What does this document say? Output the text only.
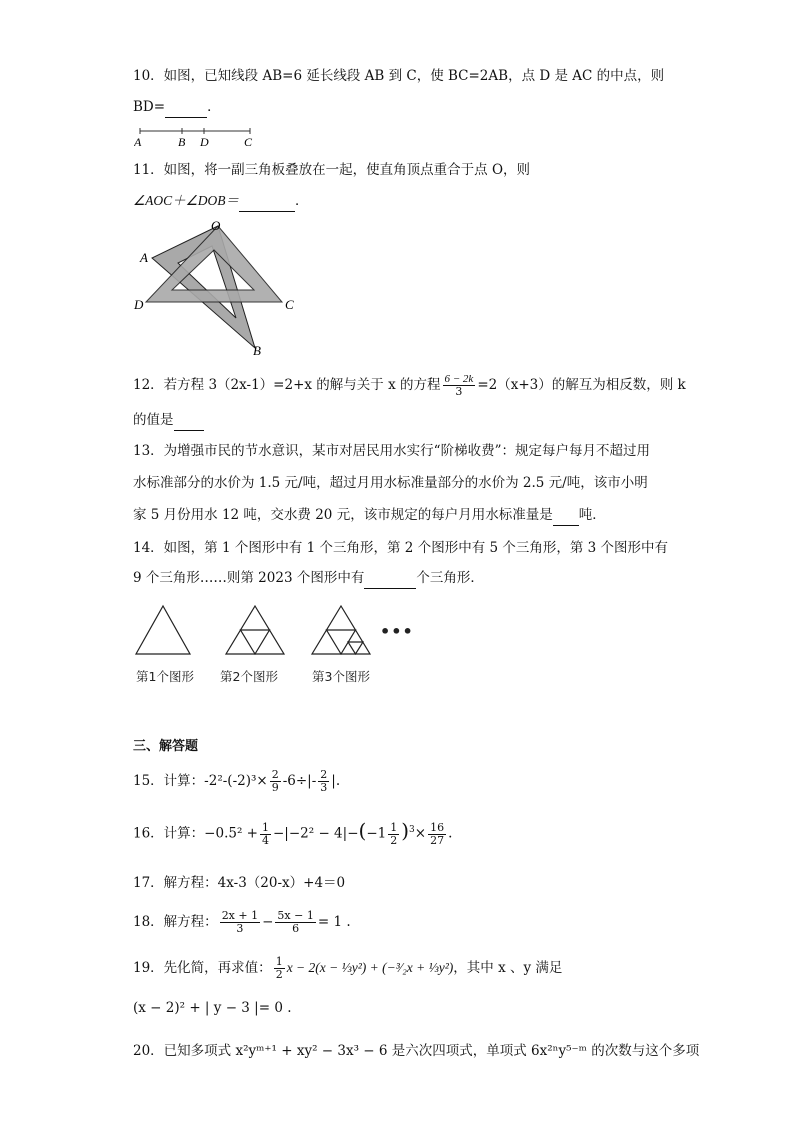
10．如图，已知线段 AB=6 延长线段 AB 到 C，使 BC=2AB，点 D 是 AC 的中点，则
BD=	．
A	B D	C
11．如图，将一副三角板叠放在一起，使直角顶点重合于点 O，则
∠AOC＋∠DOB＝	．
O
A
D	C
B
12．若方程 3（2x-1）=2+x 的解与关于 x 的方程 $\frac{6 - 2k}{3} =2(x+3)$的解互为相反数，则 k
的值是
13．为增强市民的节水意识，某市对居民用水实行“阶梯收费”：规定每户每月不超过用
水标准部分的水价为 1.5 元/吨，超过月用水标准量部分的水价为 2.5 元/吨，该市小明
家 5 月份用水 12 吨，交水费 20 元，该市规定的每户月用水标准量是 吨．
14．如图，第 1 个图形中有 1 个三角形，第 2 个图形中有 5 个三角形，第 3 个图形中有
9 个三角形……则第 2023 个图形中有	个三角形．
•••
第1个图形 第2个图形	第3个图形
三、解答题
15．计算：$-2^2-(-2)^3\times \frac{2}{9} -6\div|- \frac{2}{3}$ |.
16．计算：$-0.5^2 + \frac{1}{4} -|-2^2 - 4|-(-1 \frac{1}{2} )^3\times \frac{16}{27}$ .
17．解方程：4x-3（20-x）+4＝0
18．解方程： $\frac{2x + 1}{3} - \frac{5x - 1}{6} = 1$ .
19．先化简，再求值： $\frac{1}{2}$ x − 2(x − ⅓y²) + (−³⁄₂x + ⅓y²)，其中 x 、y 满足
(x − 2)² + | y − 3 |= 0 .
20．已知多项式 x²yᵐ⁺¹ + xy² − 3x³ − 6 是六次四项式，单项式 6x²ⁿy⁵⁻ᵐ 的次数与这个多项
